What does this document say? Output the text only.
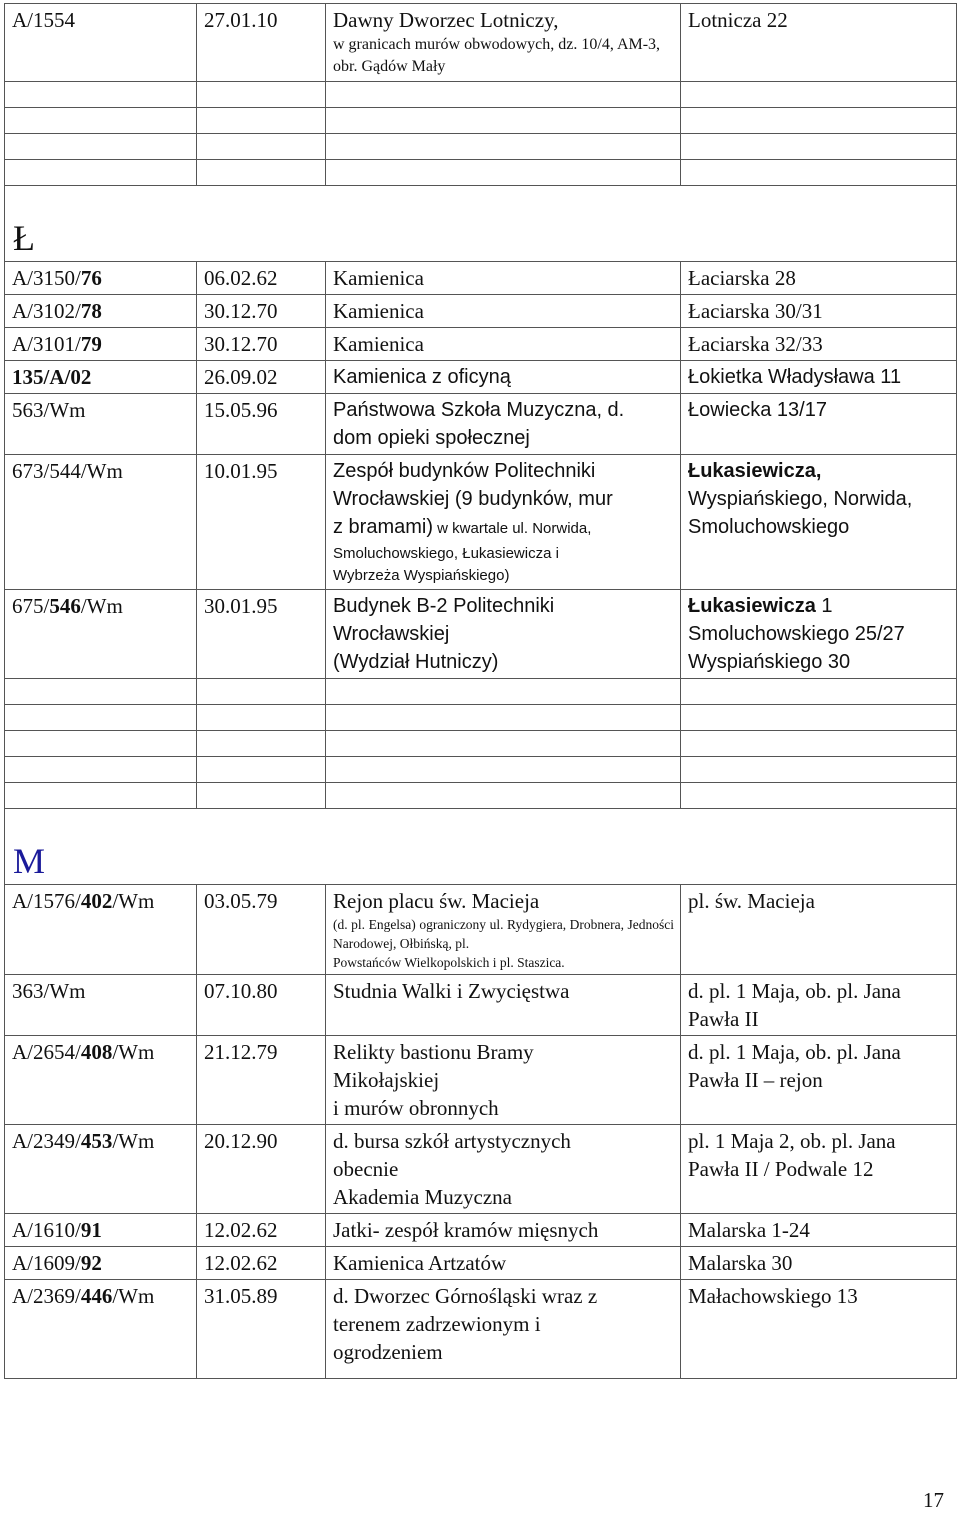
A/1554	27.01.10	Dawny Dworzec Lotniczy,
w granicach murów obwodowych, dz. 10/4, AM-3, obr. Gądów Mały	Lotnicza 22

Ł			
A/3150/76	06.02.62	Kamienica	Łaciarska 28
A/3102/78	30.12.70	Kamienica	Łaciarska 30/31
A/3101/79	30.12.70	Kamienica	Łaciarska 32/33
135/A/02	26.09.02	Kamienica z oficyną	Łokietka Władysława 11
563/Wm	15.05.96	Państwowa Szkoła Muzyczna, d.
dom opieki społecznej	Łowiecka 13/17
673/544/Wm	10.01.95	Zespół budynków Politechniki
Wrocławskiej (9 budynków, mur
z bramami) w kwartale ul. Norwida,
Smoluchowskiego, Łukasiewicza i
Wybrzeża Wyspiańskiego)	Łukasiewicza,
Wyspiańskiego, Norwida,
Smoluchowskiego

675/546/Wm	30.01.95	Budynek B-2 Politechniki
Wrocławskiej
(Wydział Hutniczy)	Łukasiewicza 1
Smoluchowskiego 25/27
Wyspiańskiego 30

M			
A/1576/402/Wm	03.05.79	Rejon placu św. Macieja
(d. pl. Engelsa) ograniczony ul. Rydygiera, Drobnera, Jedności Narodowej, Ołbińską, pl.
Powstańców Wielkopolskich i pl. Staszica.	pl. św. Macieja
363/Wm	07.10.80	Studnia Walki i Zwycięstwa	d. pl. 1 Maja, ob. pl. Jana
Pawła II

A/2654/408/Wm	21.12.79	Relikty bastionu Bramy
Mikołajskiej
i murów obronnych	d. pl. 1 Maja, ob. pl. Jana
Pawła II – rejon

A/2349/453/Wm	20.12.90	d. bursa szkół artystycznych
obecnie
Akademia Muzyczna	pl. 1 Maja 2, ob. pl. Jana
Pawła II / Podwale 12

A/1610/91	12.02.62	Jatki- zespół kramów mięsnych	Malarska 1-24
A/1609/92	12.02.62	Kamienica Artzatów	Malarska 30
A/2369/446/Wm	31.05.89	d. Dworzec Górnośląski wraz z
terenem zadrzewionym i
ogrodzeniem	Małachowskiego 13
17
